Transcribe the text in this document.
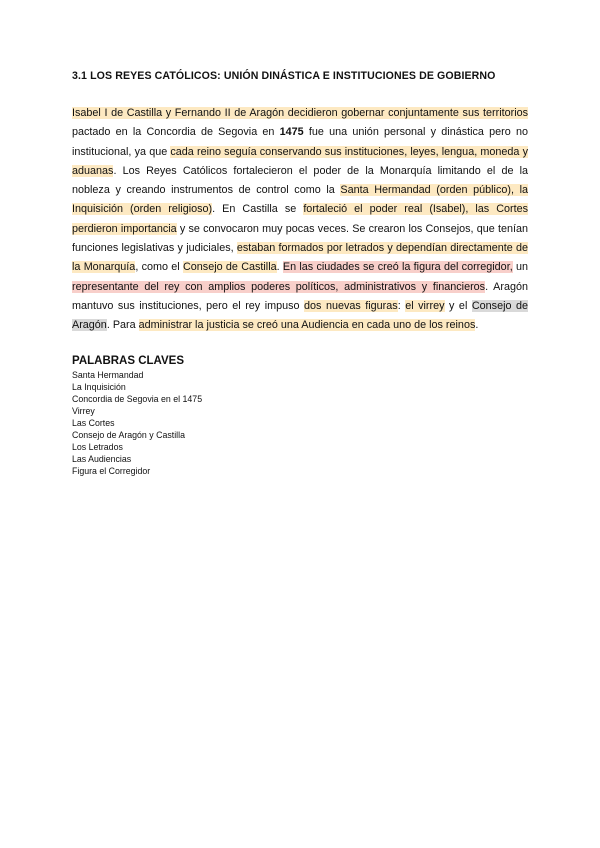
3.1 LOS REYES CATÓLICOS: UNIÓN DINÁSTICA E INSTITUCIONES DE GOBIERNO

Isabel I de Castilla y Fernando II de Aragón decidieron gobernar conjuntamente sus territorios pactado en la Concordia de Segovia en 1475 fue una unión personal y dinástica pero no institucional, ya que cada reino seguía conservando sus instituciones, leyes, lengua, moneda y aduanas. Los Reyes Católicos fortalecieron el poder de la Monarquía limitando el de la nobleza y creando instrumentos de control como la Santa Hermandad (orden público), la Inquisición (orden religioso). En Castilla se fortaleció el poder real (Isabel), las Cortes perdieron importancia y se convocaron muy pocas veces. Se crearon los Consejos, que tenían funciones legislativas y judiciales, estaban formados por letrados y dependían directamente de la Monarquía, como el Consejo de Castilla. En las ciudades se creó la figura del corregidor, un representante del rey con amplios poderes políticos, administrativos y financieros. Aragón mantuvo sus instituciones, pero el rey impuso dos nuevas figuras: el virrey y el Consejo de Aragón. Para administrar la justicia se creó una Audiencia en cada uno de los reinos.

PALABRAS CLAVES
Santa Hermandad
La Inquisición
Concordia de Segovia en el 1475
Virrey
Las Cortes
Consejo de Aragón y Castilla
Los Letrados
Las Audiencias
Figura el Corregidor
